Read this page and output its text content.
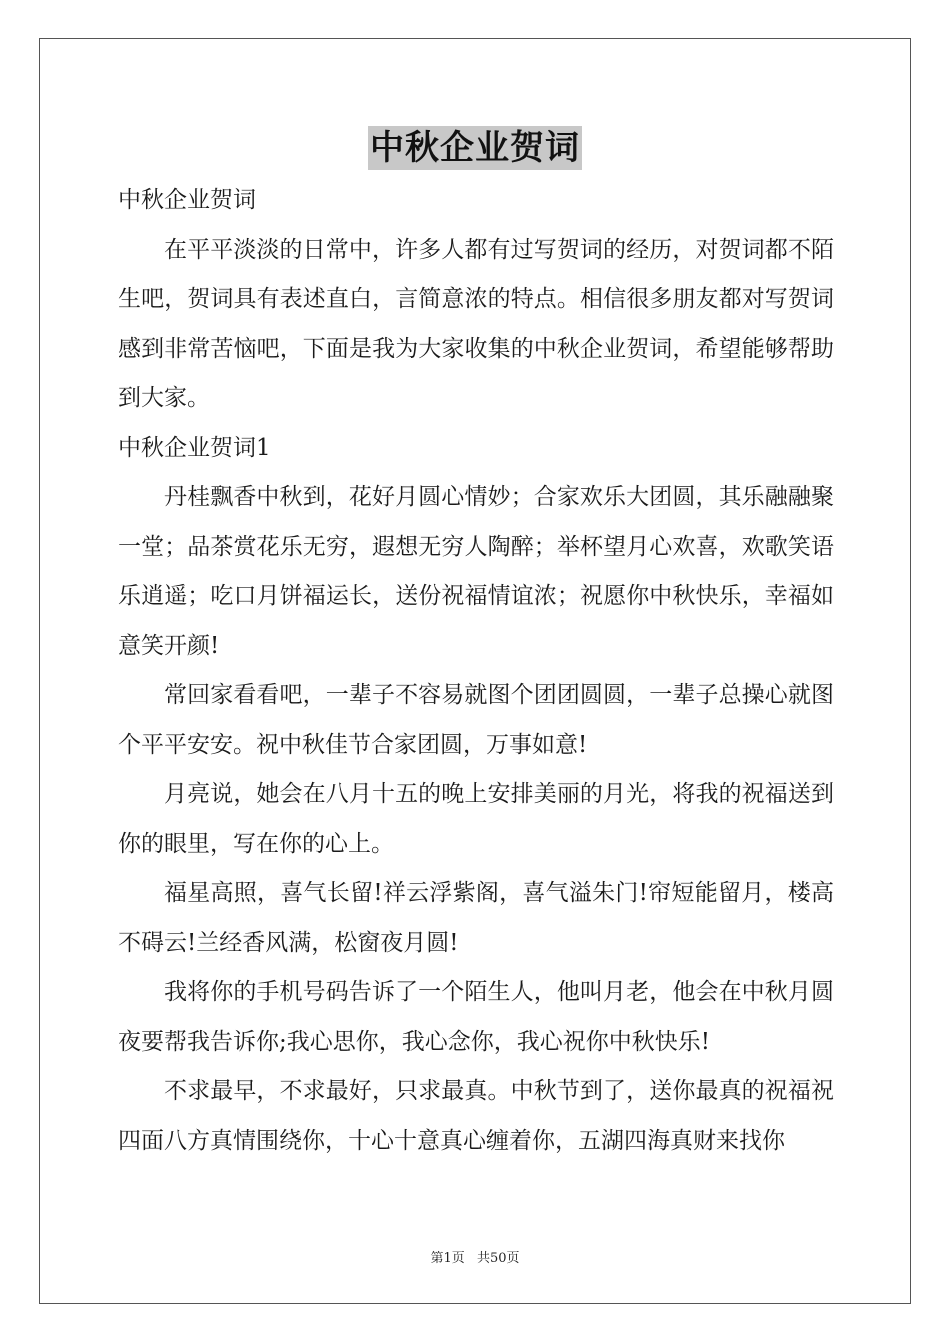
中秋企业贺词

中秋企业贺词

在平平淡淡的日常中，许多人都有过写贺词的经历，对贺词都不陌生吧，贺词具有表述直白，言简意浓的特点。相信很多朋友都对写贺词感到非常苦恼吧，下面是我为大家收集的中秋企业贺词，希望能够帮助到大家。

中秋企业贺词1

丹桂飘香中秋到，花好月圆心情妙；合家欢乐大团圆，其乐融融聚一堂；品茶赏花乐无穷，遐想无穷人陶醉；举杯望月心欢喜，欢歌笑语乐逍遥；吃口月饼福运长，送份祝福情谊浓；祝愿你中秋快乐，幸福如意笑开颜!

常回家看看吧，一辈子不容易就图个团团圆圆，一辈子总操心就图个平平安安。祝中秋佳节合家团圆，万事如意!

月亮说，她会在八月十五的晚上安排美丽的月光，将我的祝福送到你的眼里，写在你的心上。

福星高照，喜气长留!祥云浮紫阁，喜气溢朱门!帘短能留月，楼高不碍云!兰经香风满，松窗夜月圆!

我将你的手机号码告诉了一个陌生人，他叫月老，他会在中秋月圆夜要帮我告诉你;我心思你，我心念你，我心祝你中秋快乐!

不求最早，不求最好，只求最真。中秋节到了，送你最真的祝福祝四面八方真情围绕你，十心十意真心缠着你，五湖四海真财来找你

第1页 共50页
